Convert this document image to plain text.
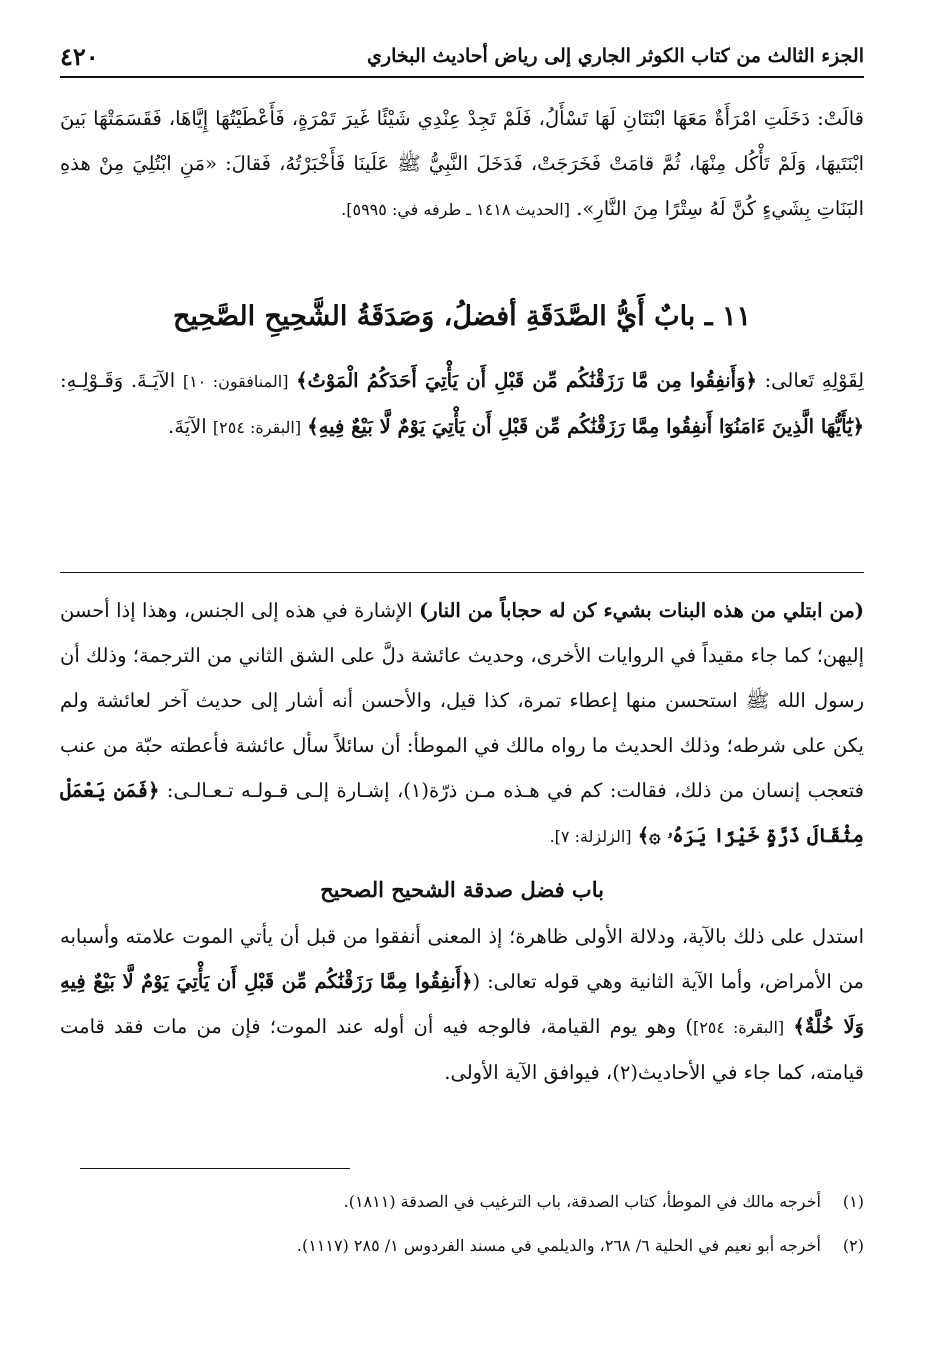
الجزء الثالث من كتاب الكوثر الجاري إلى رياض أحاديث البخاري
٤٢٠

قالَتْ: دَخَلَتِ امْرَأَةٌ مَعَهَا ابْنَتَانِ لَهَا تَسْأَلُ، فَلَمْ تَجِدْ عِنْدِي شَيْئًا غَيرَ تَمْرَةٍ، فَأَعْطَيْتُهَا إِيَّاهَا، فَقَسَمَتْهَا بَينَ ابْنَتَيهَا، وَلَمْ تَأْكُل مِنْهَا، ثُمَّ قامَتْ فَخَرَجَتْ، فَدَخَلَ النَّبِيُّ ﷺ عَلَينَا فَأَخْبَرْتُهُ، فَقالَ: «مَنِ ابْتُلِيَ مِنْ هذهِ البَنَاتِ بِشَيءٍ كُنَّ لَهُ سِتْرًا مِنَ النَّارِ». [الحديث ١٤١٨ ـ طرفه في: ٥٩٩٥].

١١ ـ بابٌ أَيُّ الصَّدَقَةِ أفضلُ، وَصَدَقَةُ الشَّحِيحِ الصَّحِيح

لِقَوْلِهِ تَعالى: ﴿وَأَنفِقُوا مِن مَّا رَزَقْنَٰكُم مِّن قَبْلِ أَن يَأْتِيَ أَحَدَكُمُ الْمَوْتُ﴾ [المنافقون: ١٠] الآيَـةَ. وَقَـوْلِـهِ: ﴿يَٰٓأَيُّهَا الَّذِينَ ءَامَنُوٓا أَنفِقُوا مِمَّا رَزَقْنَٰكُم مِّن قَبْلِ أَن يَأْتِيَ يَوْمٌ لَّا بَيْعٌ فِيهِ﴾ [البقرة: ٢٥٤] الآيَةَ.

(من ابتلي من هذه البنات بشيء كن له حجاباً من النار) الإشارة في هذه إلى الجنس، وهذا إذا أحسن إليهن؛ كما جاء مقيداً في الروايات الأخرى، وحديث عائشة دلَّ على الشق الثاني من الترجمة؛ وذلك أن رسول الله ﷺ استحسن منها إعطاء تمرة، كذا قيل، والأحسن أنه أشار إلى حديث آخر لعائشة ولم يكن على شرطه؛ وذلك الحديث ما رواه مالك في الموطأ: أن سائلاً سأل عائشة فأعطته حبّة من عنب فتعجب إنسان من ذلك، فقالت: كم في هـذه مـن ذرّة(١)، إشـارة إلـى قـولـه تـعـالـى: ﴿فَمَن يَعْمَلْ مِثْقَالَ ذَرَّةٍ خَيْرًا يَرَهُۥ ۞﴾ [الزلزلة: ٧].

باب فضل صدقة الشحيح الصحيح

استدل على ذلك بالآية، ودلالة الأولى ظاهرة؛ إذ المعنى أنفقوا من قبل أن يأتي الموت علامته وأسبابه من الأمراض، وأما الآية الثانية وهي قوله تعالى: (﴿أَنفِقُوا مِمَّا رَزَقْنَٰكُم مِّن قَبْلِ أَن يَأْتِيَ يَوْمٌ لَّا بَيْعٌ فِيهِ وَلَا خُلَّةٌ﴾ [البقرة: ٢٥٤]) وهو يوم القيامة، فالوجه فيه أن أوله عند الموت؛ فإن من مات فقد قامت قيامته، كما جاء في الأحاديث(٢)، فيوافق الآية الأولى.

(١) أخرجه مالك في الموطأ، كتاب الصدقة، باب الترغيب في الصدقة (١٨١١).

(٢) أخرجه أبو نعيم في الحلية ٦/ ٢٦٨، والديلمي في مسند الفردوس ١/ ٢٨٥ (١١١٧).
